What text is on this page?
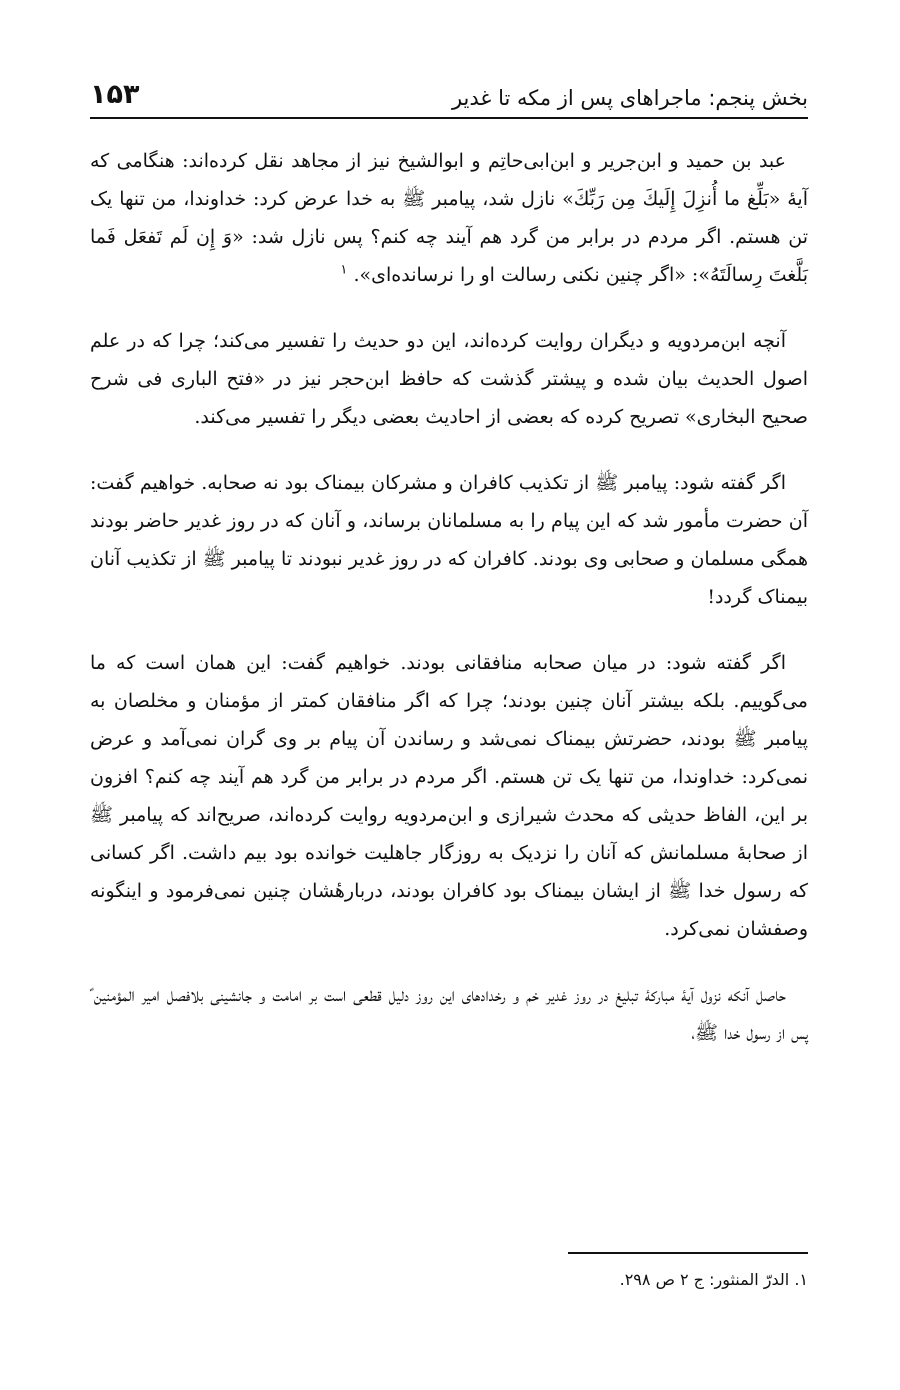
بخش پنجم: ماجراهای پس از مکه تا غدیر
۱۵۳

عبد بن حمید و ابن‌جریر و ابن‌ابی‌حاتِم و ابوالشیخ نیز از مجاهد نقل کرده‌اند: هنگامی که آیهٔ «بَلِّغ ما أُنزِلَ إِلَيكَ مِن رَبِّكَ» نازل شد، پیامبر ﷺ به خدا عرض کرد: خداوندا، من تنها یک تن هستم. اگر مردم در برابر من گرد هم آیند چه کنم؟ پس نازل شد: «وَ إِن لَم تَفعَل فَما بَلَّغتَ رِسالَتَهُ»: «اگر چنین نکنی رسالت او را نرسانده‌ای». $^۱$

آنچه ابن‌مردویه و دیگران روایت کرده‌اند، این دو حدیث را تفسیر می‌کند؛ چرا که در علم اصول الحدیث بیان شده و پیشتر گذشت که حافظ ابن‌حجر نیز در «فتح الباری فی شرح صحیح البخاری» تصریح کرده که بعضی از احادیث بعضی دیگر را تفسیر می‌کند.

اگر گفته شود: پیامبر ﷺ از تکذیب کافران و مشرکان بیمناک بود نه صحابه. خواهیم گفت: آن حضرت مأمور شد که این پیام را به مسلمانان برساند، و آنان که در روز غدیر حاضر بودند همگی مسلمان و صحابی وی بودند. کافران که در روز غدیر نبودند تا پیامبر ﷺ از تکذیب آنان بیمناک گردد!

اگر گفته شود: در میان صحابه منافقانی بودند. خواهیم گفت: این همان است که ما می‌گوییم. بلکه بیشتر آنان چنین بودند؛ چرا که اگر منافقان کمتر از مؤمنان و مخلصان به پیامبر ﷺ بودند، حضرتش بیمناک نمی‌شد و رساندن آن پیام بر وی گران نمی‌آمد و عرض نمی‌کرد: خداوندا، من تنها یک تن هستم. اگر مردم در برابر من گرد هم آیند چه کنم؟ افزون بر این، الفاظ حدیثی که محدث شیرازی و ابن‌مردویه روایت کرده‌اند، صریح‌اند که پیامبر ﷺ از صحابهٔ مسلمانش که آنان را نزدیک به روزگار جاهلیت خوانده بود بیم داشت. اگر کسانی که رسول خدا ﷺ از ایشان بیمناک بود کافران بودند، دربارهٔشان چنین نمی‌فرمود و اینگونه وصفشان نمی‌کرد.

حاصل آنکه نزول آیهٔ مبارکهٔ تبلیغ در روز غدیر خم و رخدادهای این روز دلیل قطعی است بر امامت و جانشینی بلافصل امیر المؤمنین ؑ پس از رسول خدا ﷺ،

۱. الدرّ المنثور: ج ۲ ص ۲۹۸.
